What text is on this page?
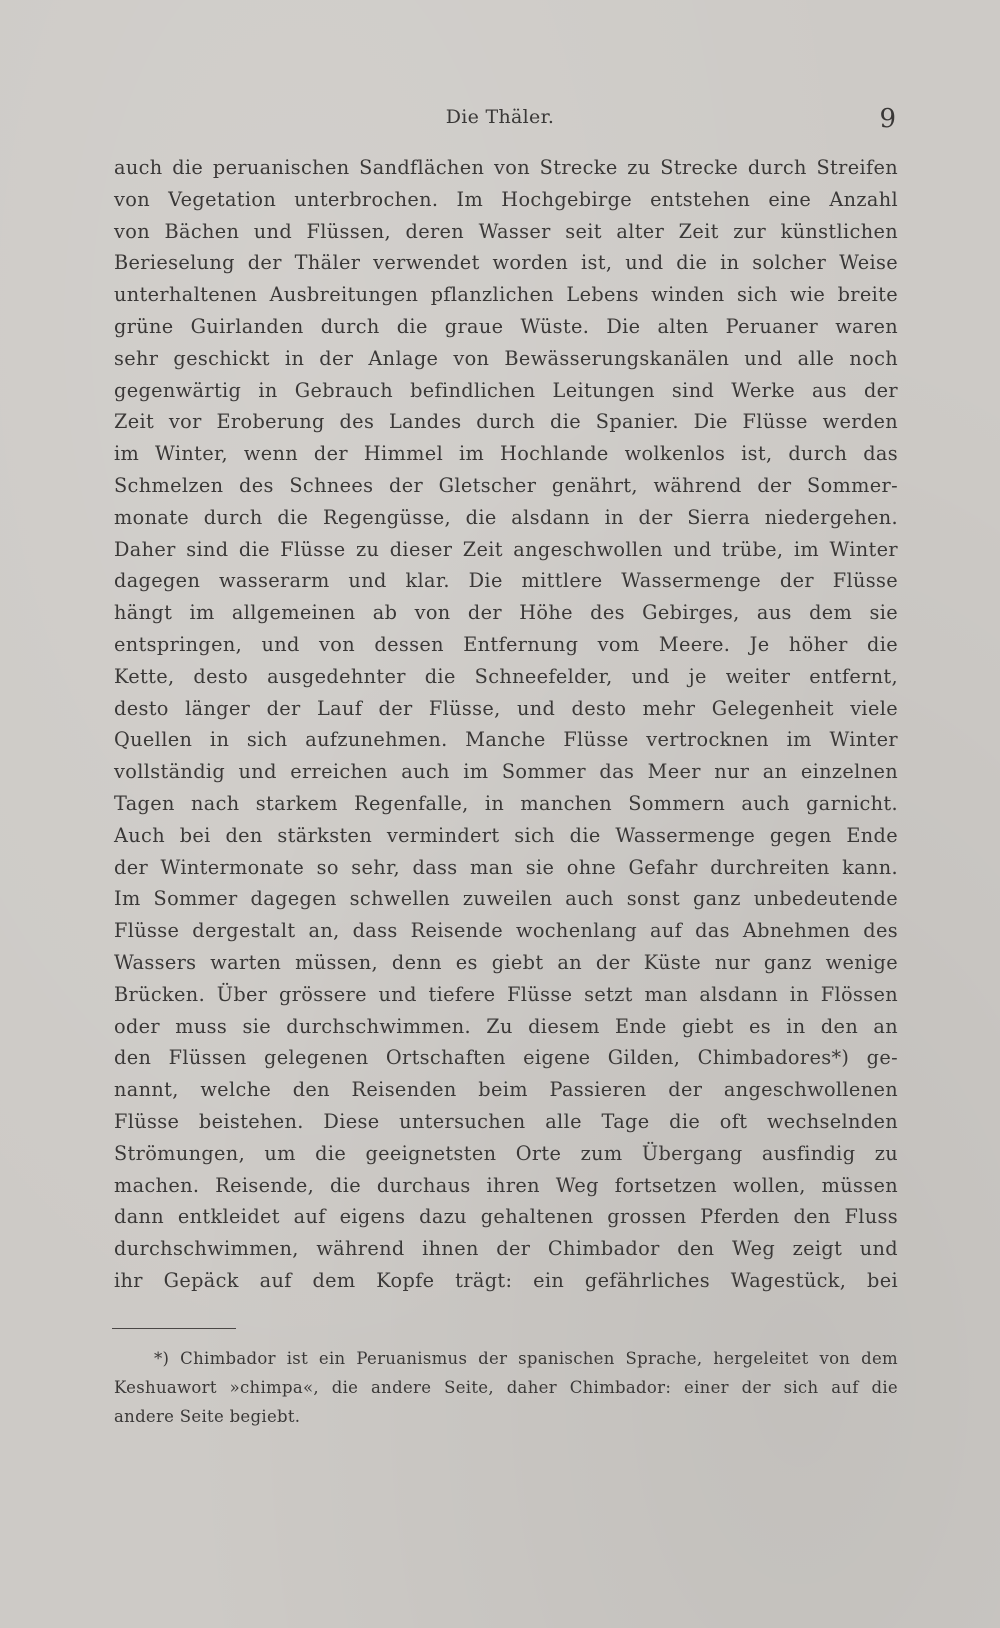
Die Thäler.	9
auch die peruanischen Sandflächen von Strecke zu Strecke durch Streifen
von Vegetation unterbrochen. Im Hochgebirge entstehen eine Anzahl
von Bächen und Flüssen, deren Wasser seit alter Zeit zur künstlichen
Berieselung der Thäler verwendet worden ist, und die in solcher Weise
unterhaltenen Ausbreitungen pflanzlichen Lebens winden sich wie breite
grüne Guirlanden durch die graue Wüste. Die alten Peruaner waren
sehr geschickt in der Anlage von Bewässerungskanälen und alle noch
gegenwärtig in Gebrauch befindlichen Leitungen sind Werke aus der
Zeit vor Eroberung des Landes durch die Spanier. Die Flüsse werden
im Winter, wenn der Himmel im Hochlande wolkenlos ist, durch das
Schmelzen des Schnees der Gletscher genährt, während der Sommer-
monate durch die Regengüsse, die alsdann in der Sierra niedergehen.
Daher sind die Flüsse zu dieser Zeit angeschwollen und trübe, im Winter
dagegen wasserarm und klar. Die mittlere Wassermenge der Flüsse
hängt im allgemeinen ab von der Höhe des Gebirges, aus dem sie
entspringen, und von dessen Entfernung vom Meere. Je höher die
Kette, desto ausgedehnter die Schneefelder, und je weiter entfernt,
desto länger der Lauf der Flüsse, und desto mehr Gelegenheit viele
Quellen in sich aufzunehmen. Manche Flüsse vertrocknen im Winter
vollständig und erreichen auch im Sommer das Meer nur an einzelnen
Tagen nach starkem Regenfalle, in manchen Sommern auch garnicht.
Auch bei den stärksten vermindert sich die Wassermenge gegen Ende
der Wintermonate so sehr, dass man sie ohne Gefahr durchreiten kann.
Im Sommer dagegen schwellen zuweilen auch sonst ganz unbedeutende
Flüsse dergestalt an, dass Reisende wochenlang auf das Abnehmen des
Wassers warten müssen, denn es giebt an der Küste nur ganz wenige
Brücken. Über grössere und tiefere Flüsse setzt man alsdann in Flössen
oder muss sie durchschwimmen. Zu diesem Ende giebt es in den an
den Flüssen gelegenen Ortschaften eigene Gilden, Chimbadores*) ge-
nannt, welche den Reisenden beim Passieren der angeschwollenen
Flüsse beistehen. Diese untersuchen alle Tage die oft wechselnden
Strömungen, um die geeignetsten Orte zum Übergang ausfindig zu
machen. Reisende, die durchaus ihren Weg fortsetzen wollen, müssen
dann entkleidet auf eigens dazu gehaltenen grossen Pferden den Fluss
durchschwimmen, während ihnen der Chimbador den Weg zeigt und
ihr Gepäck auf dem Kopfe trägt: ein gefährliches Wagestück, bei
*) Chimbador ist ein Peruanismus der spanischen Sprache, hergeleitet von dem
Keshuawort »chimpa«, die andere Seite, daher Chimbador: einer der sich auf die
andere Seite begiebt.
